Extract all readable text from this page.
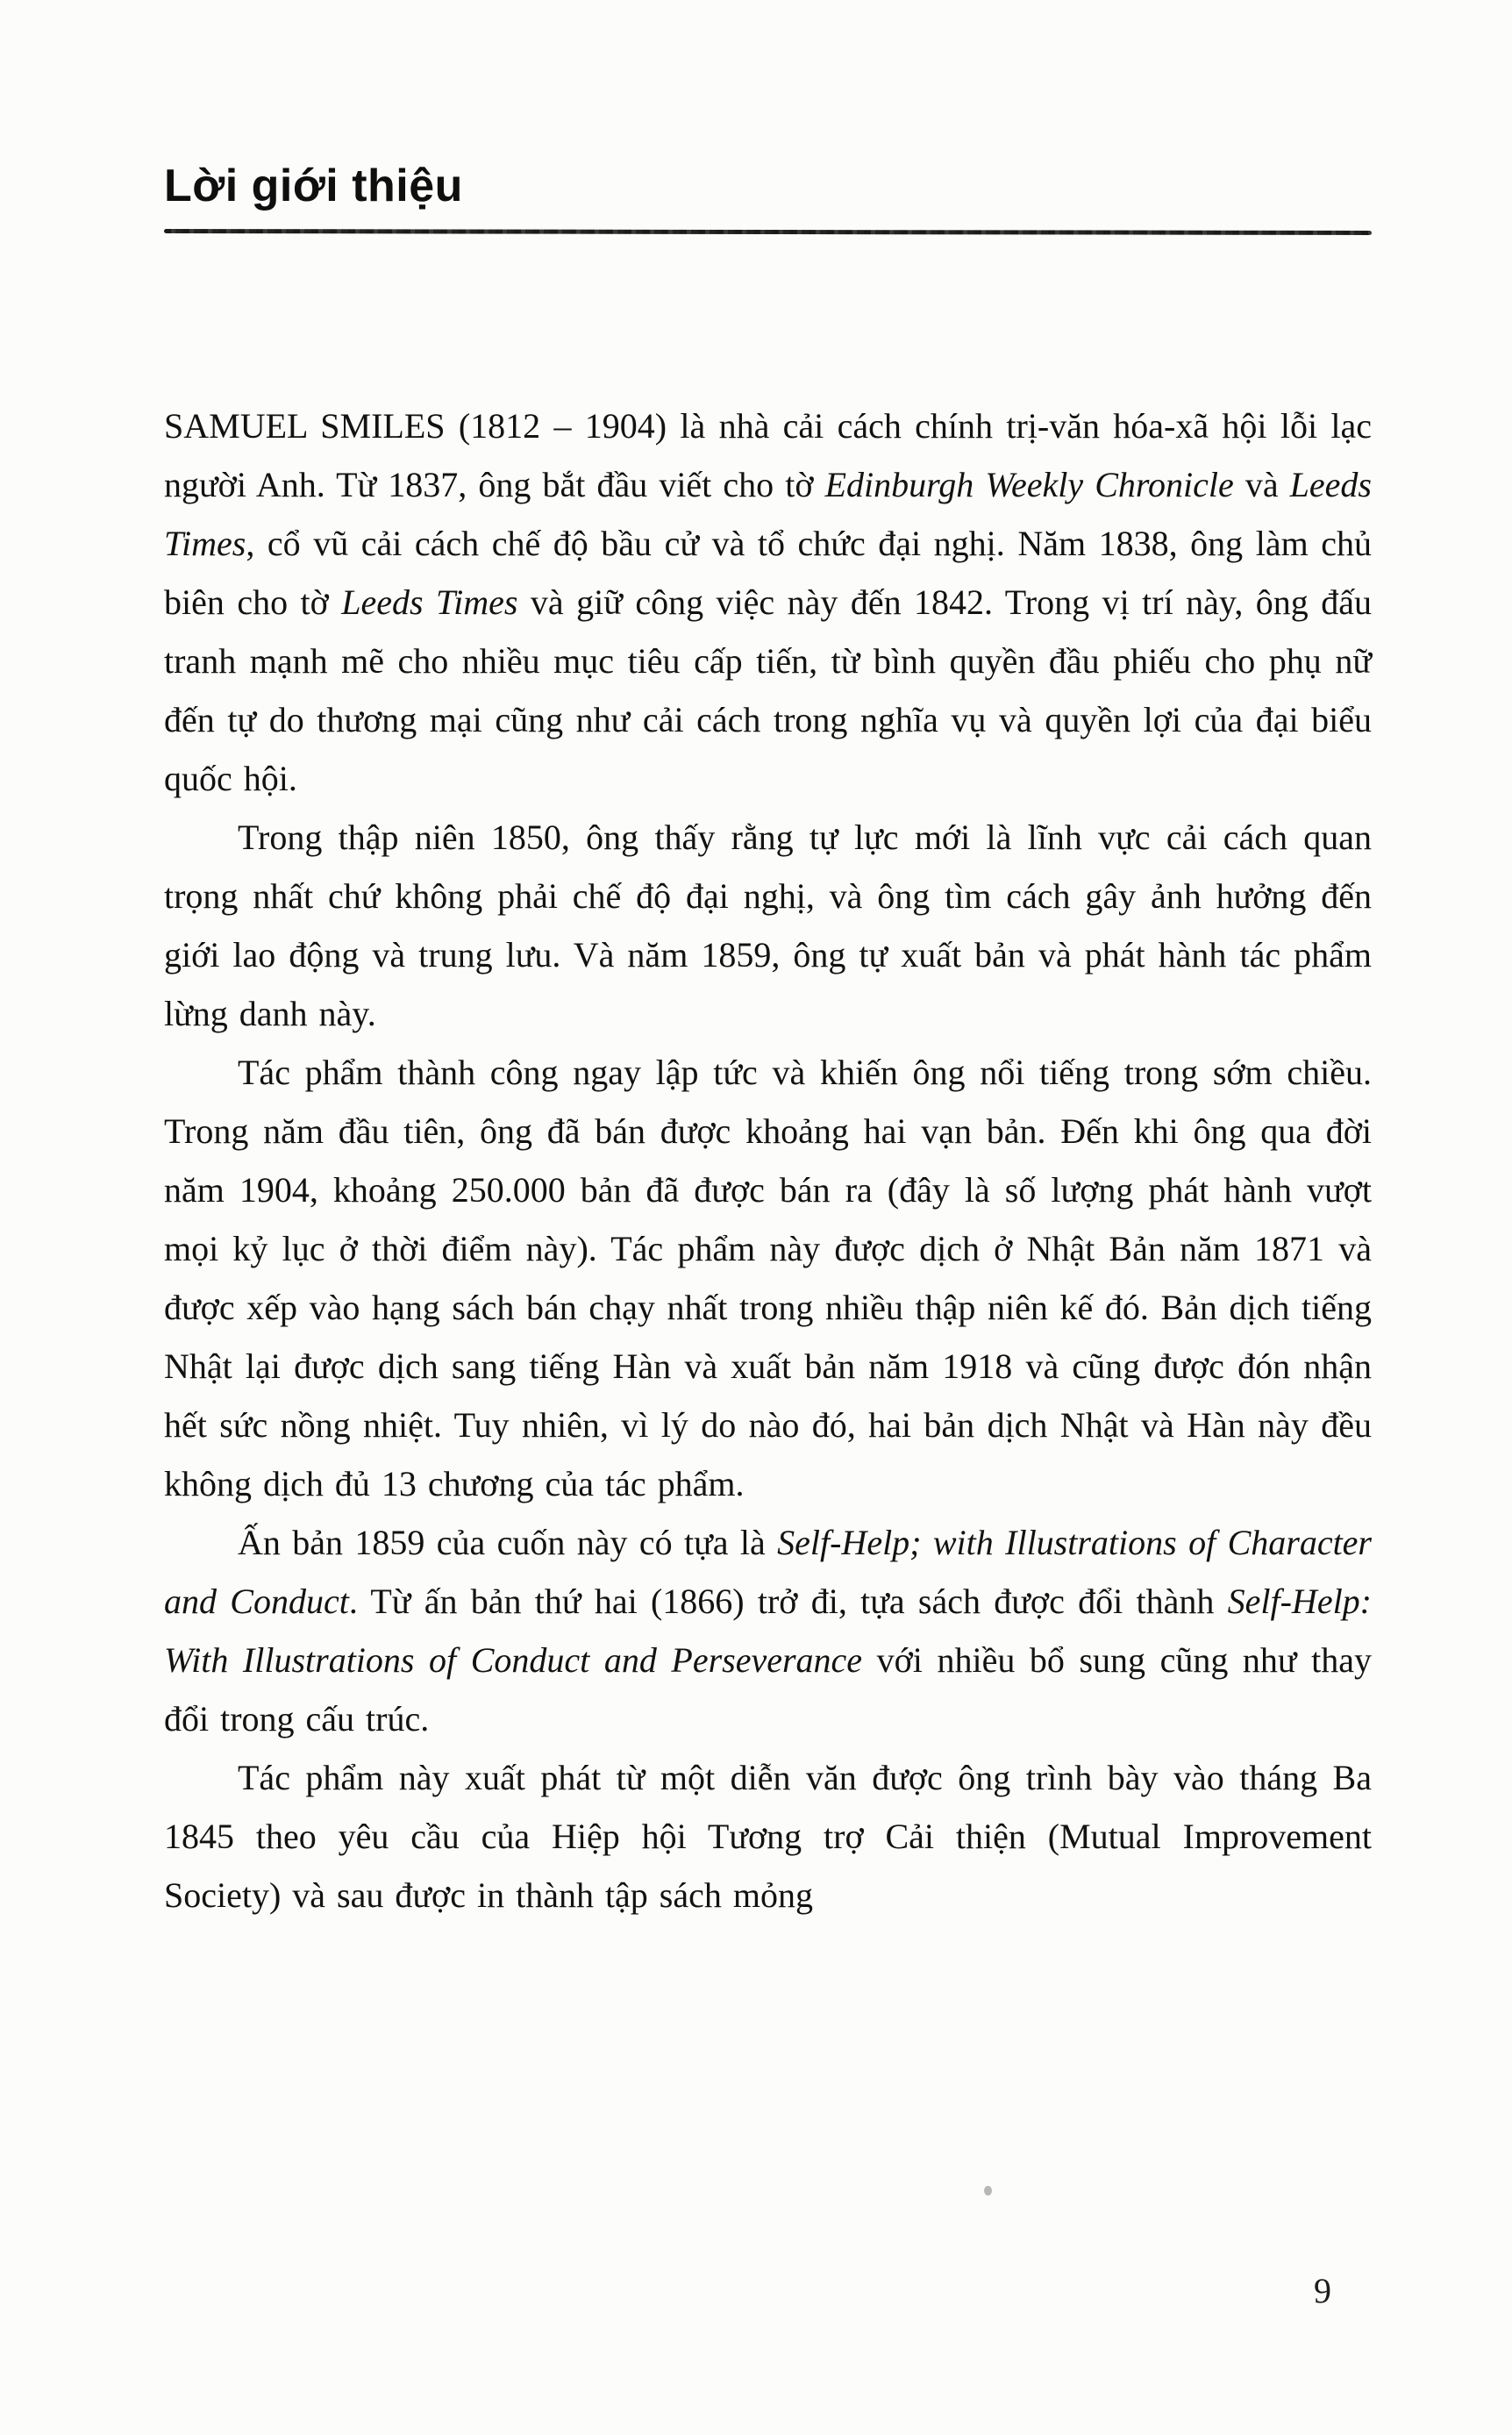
Lời giới thiệu

SAMUEL SMILES (1812 – 1904) là nhà cải cách chính trị-văn hóa-xã hội lỗi lạc người Anh. Từ 1837, ông bắt đầu viết cho tờ Edinburgh Weekly Chronicle và Leeds Times, cổ vũ cải cách chế độ bầu cử và tổ chức đại nghị. Năm 1838, ông làm chủ biên cho tờ Leeds Times và giữ công việc này đến 1842. Trong vị trí này, ông đấu tranh mạnh mẽ cho nhiều mục tiêu cấp tiến, từ bình quyền đầu phiếu cho phụ nữ đến tự do thương mại cũng như cải cách trong nghĩa vụ và quyền lợi của đại biểu quốc hội.

Trong thập niên 1850, ông thấy rằng tự lực mới là lĩnh vực cải cách quan trọng nhất chứ không phải chế độ đại nghị, và ông tìm cách gây ảnh hưởng đến giới lao động và trung lưu. Và năm 1859, ông tự xuất bản và phát hành tác phẩm lừng danh này.

Tác phẩm thành công ngay lập tức và khiến ông nổi tiếng trong sớm chiều. Trong năm đầu tiên, ông đã bán được khoảng hai vạn bản. Đến khi ông qua đời năm 1904, khoảng 250.000 bản đã được bán ra (đây là số lượng phát hành vượt mọi kỷ lục ở thời điểm này). Tác phẩm này được dịch ở Nhật Bản năm 1871 và được xếp vào hạng sách bán chạy nhất trong nhiều thập niên kế đó. Bản dịch tiếng Nhật lại được dịch sang tiếng Hàn và xuất bản năm 1918 và cũng được đón nhận hết sức nồng nhiệt. Tuy nhiên, vì lý do nào đó, hai bản dịch Nhật và Hàn này đều không dịch đủ 13 chương của tác phẩm.

Ấn bản 1859 của cuốn này có tựa là Self-Help; with Illustrations of Character and Conduct. Từ ấn bản thứ hai (1866) trở đi, tựa sách được đổi thành Self-Help: With Illustrations of Conduct and Perseverance với nhiều bổ sung cũng như thay đổi trong cấu trúc.

Tác phẩm này xuất phát từ một diễn văn được ông trình bày vào tháng Ba 1845 theo yêu cầu của Hiệp hội Tương trợ Cải thiện (Mutual Improvement Society) và sau được in thành tập sách mỏng

9
